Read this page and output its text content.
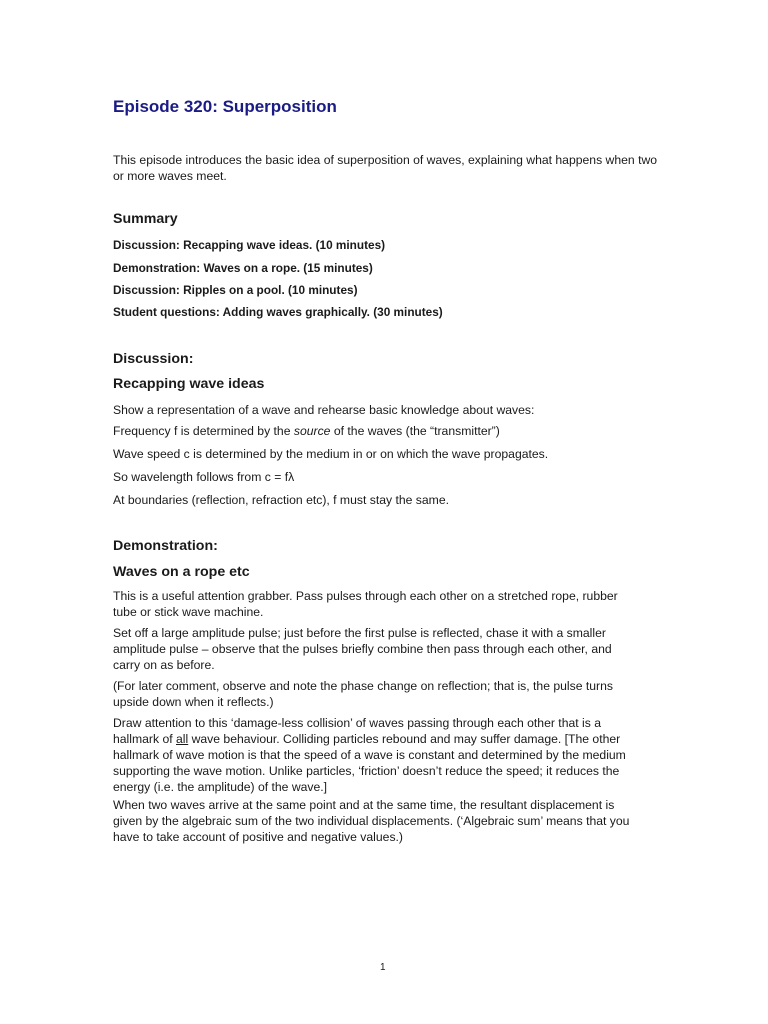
Episode 320: Superposition

This episode introduces the basic idea of superposition of waves, explaining what happens when two or more waves meet.

Summary

Discussion: Recapping wave ideas. (10 minutes)

Demonstration: Waves on a rope. (15 minutes)

Discussion: Ripples on a pool. (10 minutes)

Student questions: Adding waves graphically. (30 minutes)

Discussion:
Recapping wave ideas

Show a representation of a wave and rehearse basic knowledge about waves:

Frequency f is determined by the source of the waves (the “transmitter”)

Wave speed c is determined by the medium in or on which the wave propagates.

So wavelength follows from c = fλ

At boundaries (reflection, refraction etc), f must stay the same.

Demonstration:
Waves on a rope etc

This is a useful attention grabber. Pass pulses through each other on a stretched rope, rubber tube or stick wave machine.

Set off a large amplitude pulse; just before the first pulse is reflected, chase it with a smaller amplitude pulse – observe that the pulses briefly combine then pass through each other, and carry on as before.

(For later comment, observe and note the phase change on reflection; that is, the pulse turns upside down when it reflects.)

Draw attention to this ‘damage-less collision’ of waves passing through each other that is a hallmark of all wave behaviour. Colliding particles rebound and may suffer damage. [The other hallmark of wave motion is that the speed of a wave is constant and determined by the medium supporting the wave motion. Unlike particles, ‘friction’ doesn’t reduce the speed; it reduces the energy (i.e. the amplitude) of the wave.]

When two waves arrive at the same point and at the same time, the resultant displacement is given by the algebraic sum of the two individual displacements. (‘Algebraic sum’ means that you have to take account of positive and negative values.)

1
